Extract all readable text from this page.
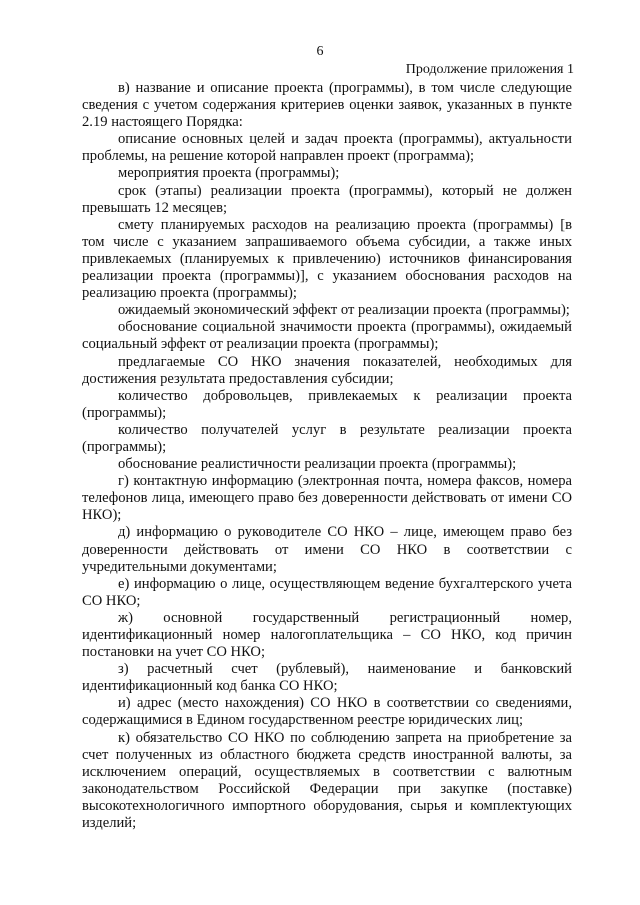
6
Продолжение приложения 1

в) название и описание проекта (программы), в том числе следующие сведения с учетом содержания критериев оценки заявок, указанных в пункте 2.19 настоящего Порядка:

описание основных целей и задач проекта (программы), актуальности проблемы, на решение которой направлен проект (программа);

мероприятия проекта (программы);

срок (этапы) реализации проекта (программы), который не должен превышать 12 месяцев;

смету планируемых расходов на реализацию проекта (программы) [в том числе с указанием запрашиваемого объема субсидии, а также иных привлекаемых (планируемых к привлечению) источников финансирования реализации проекта (программы)], с указанием обоснования расходов на реализацию проекта (программы);

ожидаемый экономический эффект от реализации проекта (программы);

обоснование социальной значимости проекта (программы), ожидаемый социальный эффект от реализации проекта (программы);

предлагаемые СО НКО значения показателей, необходимых для достижения результата предоставления субсидии;

количество добровольцев, привлекаемых к реализации проекта (программы);

количество получателей услуг в результате реализации проекта (программы);

обоснование реалистичности реализации проекта (программы);

г) контактную информацию (электронная почта, номера факсов, номера телефонов лица, имеющего право без доверенности действовать от имени СО НКО);

д) информацию о руководителе СО НКО – лице, имеющем право без доверенности действовать от имени СО НКО в соответствии с учредительными документами;

е) информацию о лице, осуществляющем ведение бухгалтерского учета СО НКО;

ж) основной государственный регистрационный номер, идентификационный номер налогоплательщика – СО НКО, код причин постановки на учет СО НКО;

з) расчетный счет (рублевый), наименование и банковский идентификационный код банка СО НКО;

и) адрес (место нахождения) СО НКО в соответствии со сведениями, содержащимися в Едином государственном реестре юридических лиц;

к) обязательство СО НКО по соблюдению запрета на приобретение за счет полученных из областного бюджета средств иностранной валюты, за исключением операций, осуществляемых в соответствии с валютным законодательством Российской Федерации при закупке (поставке) высокотехнологичного импортного оборудования, сырья и комплектующих изделий;
